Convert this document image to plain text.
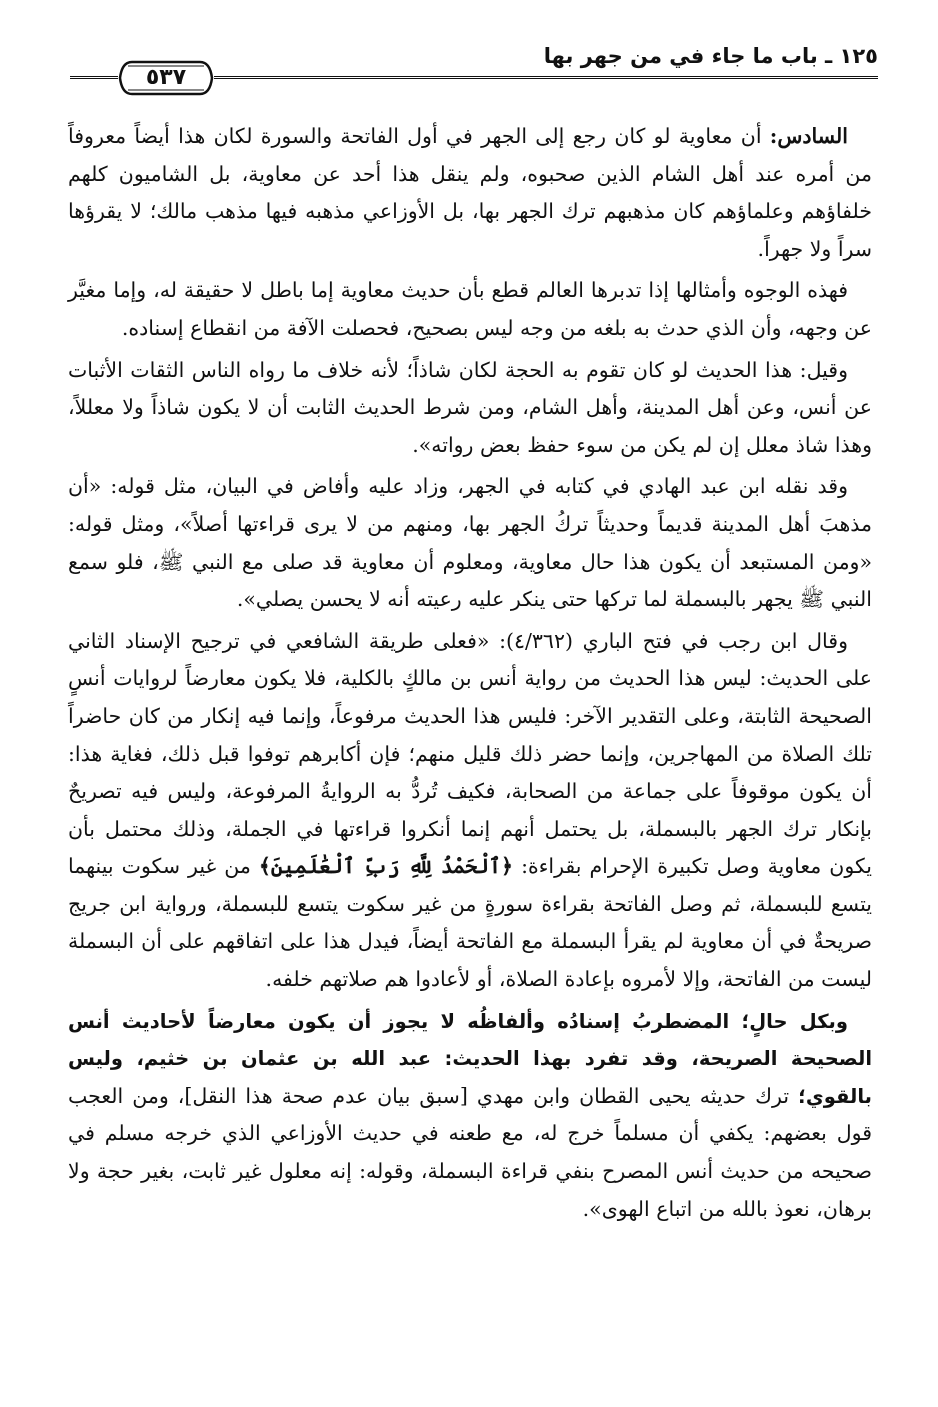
١٢٥ ـ باب ما جاء في من جهر بها
٥٣٧

السادس: أن معاوية لو كان رجع إلى الجهر في أول الفاتحة والسورة لكان هذا أيضاً معروفاً من أمره عند أهل الشام الذين صحبوه، ولم ينقل هذا أحد عن معاوية، بل الشاميون كلهم خلفاؤهم وعلماؤهم كان مذهبهم ترك الجهر بها، بل الأوزاعي مذهبه فيها مذهب مالك؛ لا يقرؤها سراً ولا جهراً.

فهذه الوجوه وأمثالها إذا تدبرها العالم قطع بأن حديث معاوية إما باطل لا حقيقة له، وإما مغيَّر عن وجهه، وأن الذي حدث به بلغه من وجه ليس بصحيح، فحصلت الآفة من انقطاع إسناده.

وقيل: هذا الحديث لو كان تقوم به الحجة لكان شاذاً؛ لأنه خلاف ما رواه الناس الثقات الأثبات عن أنس، وعن أهل المدينة، وأهل الشام، ومن شرط الحديث الثابت أن لا يكون شاذاً ولا معللاً، وهذا شاذ معلل إن لم يكن من سوء حفظ بعض رواته».

وقد نقله ابن عبد الهادي في كتابه في الجهر، وزاد عليه وأفاض في البيان، مثل قوله: «أن مذهبَ أهل المدينة قديماً وحديثاً تركُ الجهر بها، ومنهم من لا يرى قراءتها أصلاً»، ومثل قوله: «ومن المستبعد أن يكون هذا حال معاوية، ومعلوم أن معاوية قد صلى مع النبي ﷺ، فلو سمع النبي ﷺ يجهر بالبسملة لما تركها حتى ينكر عليه رعيته أنه لا يحسن يصلي».

وقال ابن رجب في فتح الباري (٤/٣٦٢): «فعلى طريقة الشافعي في ترجيح الإسناد الثاني على الحديث: ليس هذا الحديث من رواية أنس بن مالكٍ بالكلية، فلا يكون معارضاً لروايات أنسٍ الصحيحة الثابتة، وعلى التقدير الآخر: فليس هذا الحديث مرفوعاً، وإنما فيه إنكار من كان حاضراً تلك الصلاة من المهاجرين، وإنما حضر ذلك قليل منهم؛ فإن أكابرهم توفوا قبل ذلك، فغاية هذا: أن يكون موقوفاً على جماعة من الصحابة، فكيف تُردُّ به الروايةُ المرفوعة، وليس فيه تصريحٌ بإنكار ترك الجهر بالبسملة، بل يحتمل أنهم إنما أنكروا قراءتها في الجملة، وذلك محتمل بأن يكون معاوية وصل تكبيرة الإحرام بقراءة: ﴿ٱلْحَمْدُ لِلَّهِ رَبِّ ٱلْعَٰلَمِينَ﴾ من غير سكوت بينهما يتسع للبسملة، ثم وصل الفاتحة بقراءة سورةٍ من غير سكوت يتسع للبسملة، ورواية ابن جريج صريحةٌ في أن معاوية لم يقرأ البسملة مع الفاتحة أيضاً، فيدل هذا على اتفاقهم على أن البسملة ليست من الفاتحة، وإلا لأمروه بإعادة الصلاة، أو لأعادوا هم صلاتهم خلفه.

وبكل حالٍ؛ المضطربُ إسنادُه وألفاظُه لا يجوز أن يكون معارضاً لأحاديث أنس الصحيحة الصريحة، وقد تفرد بهذا الحديث: عبد الله بن عثمان بن خثيم، وليس بالقوي؛ ترك حديثه يحيى القطان وابن مهدي [سبق بيان عدم صحة هذا النقل]، ومن العجب قول بعضهم: يكفي أن مسلماً خرج له، مع طعنه في حديث الأوزاعي الذي خرجه مسلم في صحيحه من حديث أنس المصرح بنفي قراءة البسملة، وقوله: إنه معلول غير ثابت، بغير حجة ولا برهان، نعوذ بالله من اتباع الهوى».
